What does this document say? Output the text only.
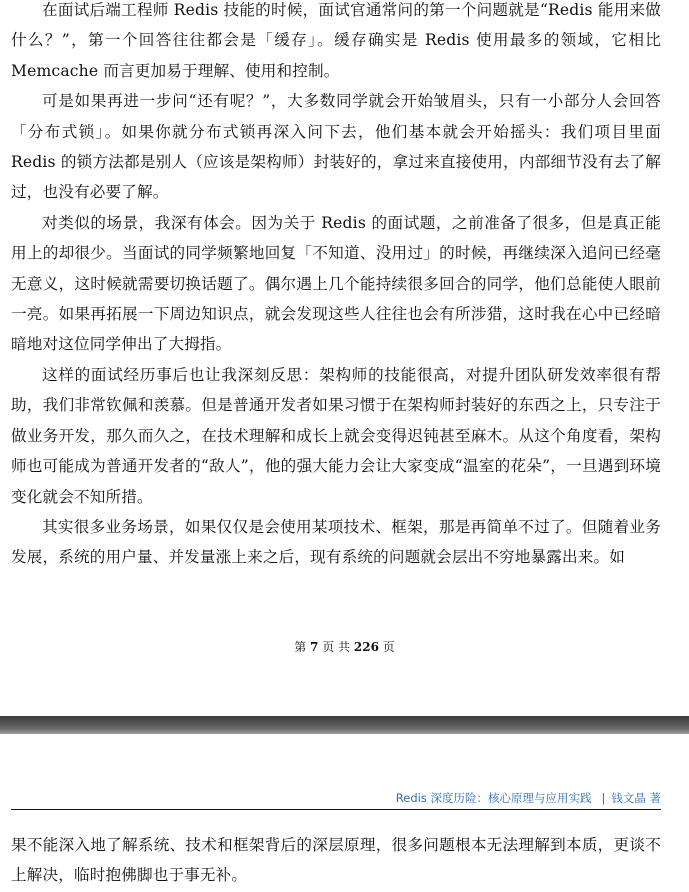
在面试后端工程师 Redis 技能的时候，面试官通常问的第一个问题就是“Redis 能用来做什么？”，第一个回答往往都会是「缓存」。缓存确实是 Redis 使用最多的领域，它相比 Memcache 而言更加易于理解、使用和控制。

可是如果再进一步问“还有呢？”，大多数同学就会开始皱眉头，只有一小部分人会回答「分布式锁」。如果你就分布式锁再深入问下去，他们基本就会开始摇头：我们项目里面 Redis 的锁方法都是别人（应该是架构师）封装好的，拿过来直接使用，内部细节没有去了解过，也没有必要了解。

对类似的场景，我深有体会。因为关于 Redis 的面试题，之前准备了很多，但是真正能用上的却很少。当面试的同学频繁地回复「不知道、没用过」的时候，再继续深入追问已经毫无意义，这时候就需要切换话题了。偶尔遇上几个能持续很多回合的同学，他们总能使人眼前一亮。如果再拓展一下周边知识点，就会发现这些人往往也会有所涉猎，这时我在心中已经暗暗地对这位同学伸出了大拇指。

这样的面试经历事后也让我深刻反思：架构师的技能很高，对提升团队研发效率很有帮助，我们非常钦佩和羡慕。但是普通开发者如果习惯于在架构师封装好的东西之上，只专注于做业务开发，那久而久之，在技术理解和成长上就会变得迟钝甚至麻木。从这个角度看，架构师也可能成为普通开发者的“敌人”，他的强大能力会让大家变成“温室的花朵”，一旦遇到环境变化就会不知所措。

其实很多业务场景，如果仅仅是会使用某项技术、框架，那是再简单不过了。但随着业务发展，系统的用户量、并发量涨上来之后，现有系统的问题就会层出不穷地暴露出来。如

第 7 页 共 226 页
Redis 深度历险：核心原理与应用实践 | 钱文晶 著

果不能深入地了解系统、技术和框架背后的深层原理，很多问题根本无法理解到本质，更谈不上解决，临时抱佛脚也于事无补。
